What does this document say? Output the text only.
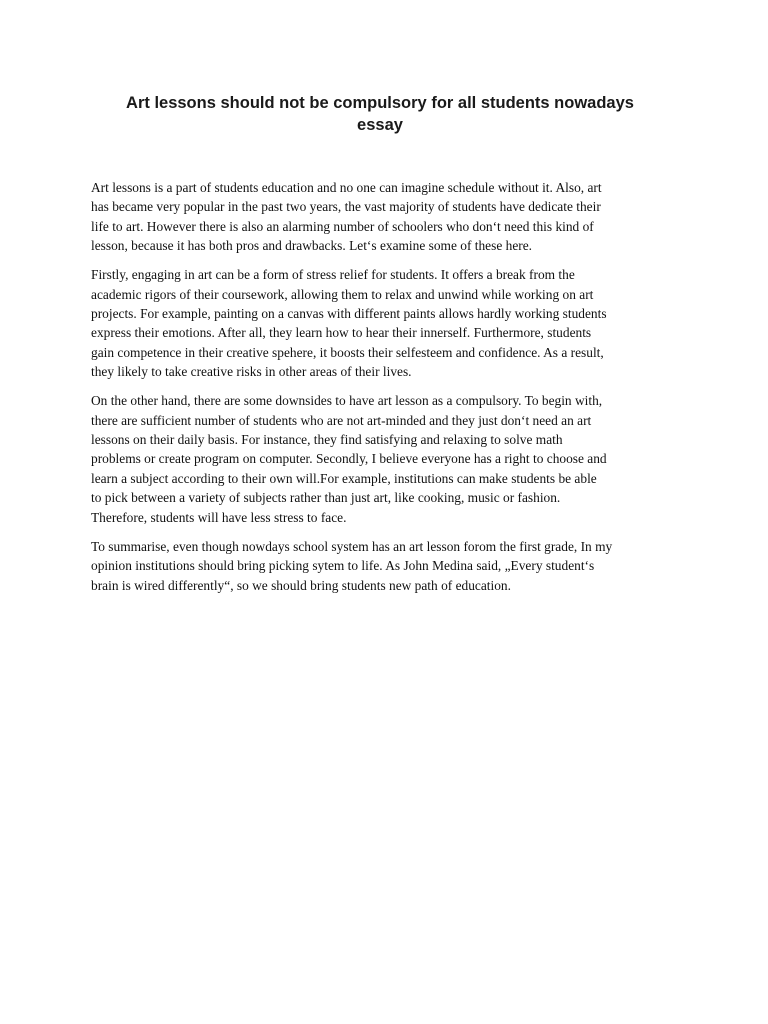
Art lessons should not be compulsory for all students nowadays
essay

Art lessons is a part of students education and no one can imagine schedule without it. Also, art
has became very popular in the past two years, the vast majority of students have dedicate their
life to art. However there is also an alarming number of schoolers who don‘t need this kind of
lesson, because it has both pros and drawbacks. Let‘s examine some of these here.

Firstly, engaging in art can be a form of stress relief for students. It offers a break from the
academic rigors of their coursework, allowing them to relax and unwind while working on art
projects. For example, painting on a canvas with different paints allows hardly working students
express their emotions. After all, they learn how to hear their innerself. Furthermore, students
gain competence in their creative spehere, it boosts their selfesteem and confidence. As a result,
they likely to take creative risks in other areas of their lives.

On the other hand, there are some downsides to have art lesson as a compulsory. To begin with,
there are sufficient number of students who are not art-minded and they just don‘t need an art
lessons on their daily basis. For instance, they find satisfying and relaxing to solve math
problems or create program on computer. Secondly, I believe everyone has a right to choose and
learn a subject according to their own will.For example, institutions can make students be able
to pick between a variety of subjects rather than just art, like cooking, music or fashion.
Therefore, students will have less stress to face.

To summarise, even though nowdays school system has an art lesson forom the first grade, In my
opinion institutions should bring picking sytem to life. As John Medina said, „Every student‘s
brain is wired differently“, so we should bring students new path of education.
